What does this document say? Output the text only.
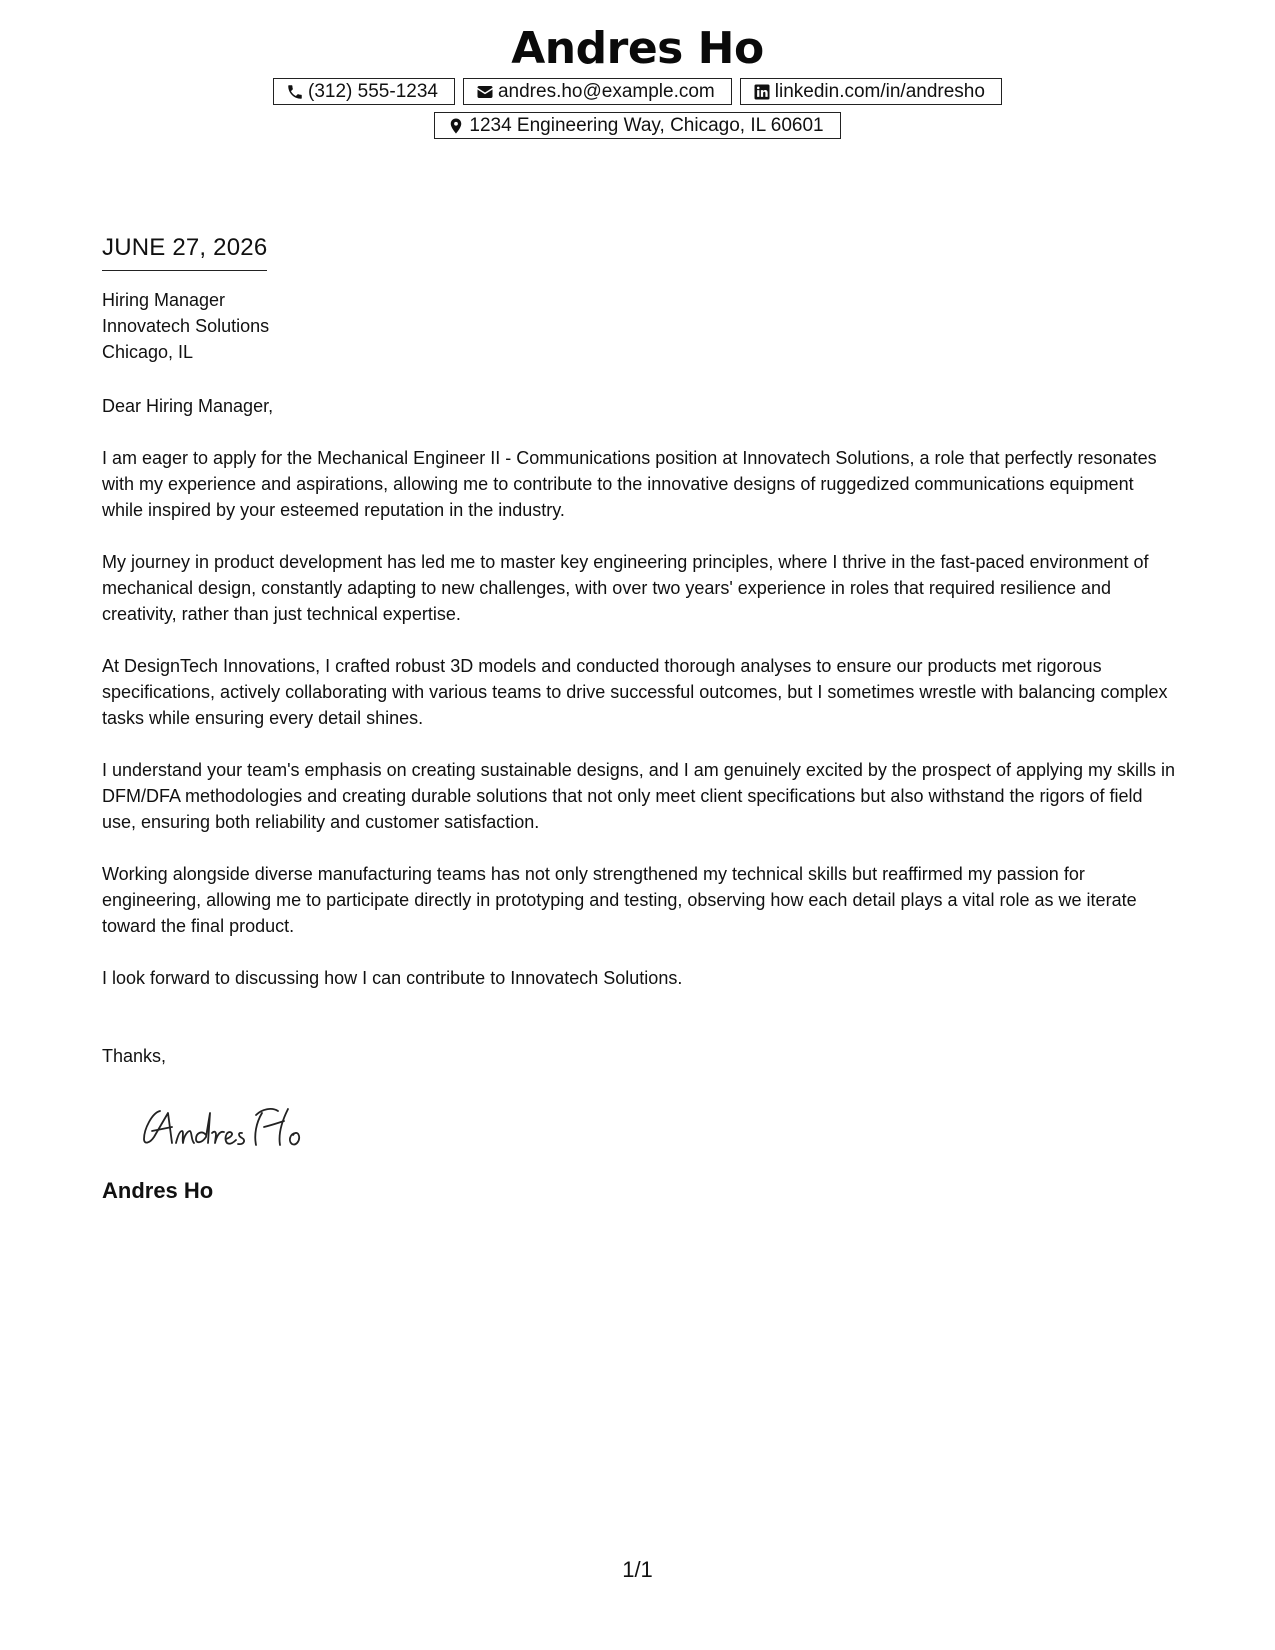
Andres Ho
(312) 555-1234	andres.ho@example.com	linkedin.com/in/andresho
1234 Engineering Way, Chicago, IL 60601
JUNE 27, 2026
Hiring Manager
Innovatech Solutions
Chicago, IL

Dear Hiring Manager,

I am eager to apply for the Mechanical Engineer II - Communications position at Innovatech Solutions, a role that perfectly resonates with my experience and aspirations, allowing me to contribute to the innovative designs of ruggedized communications equipment while inspired by your esteemed reputation in the industry.

My journey in product development has led me to master key engineering principles, where I thrive in the fast-paced environment of mechanical design, constantly adapting to new challenges, with over two years' experience in roles that required resilience and creativity, rather than just technical expertise.

At DesignTech Innovations, I crafted robust 3D models and conducted thorough analyses to ensure our products met rigorous specifications, actively collaborating with various teams to drive successful outcomes, but I sometimes wrestle with balancing complex tasks while ensuring every detail shines.

I understand your team's emphasis on creating sustainable designs, and I am genuinely excited by the prospect of applying my skills in DFM/DFA methodologies and creating durable solutions that not only meet client specifications but also withstand the rigors of field use, ensuring both reliability and customer satisfaction.

Working alongside diverse manufacturing teams has not only strengthened my technical skills but reaffirmed my passion for engineering, allowing me to participate directly in prototyping and testing, observing how each detail plays a vital role as we iterate toward the final product.

I look forward to discussing how I can contribute to Innovatech Solutions.

Thanks,
Andres Ho
1/1
